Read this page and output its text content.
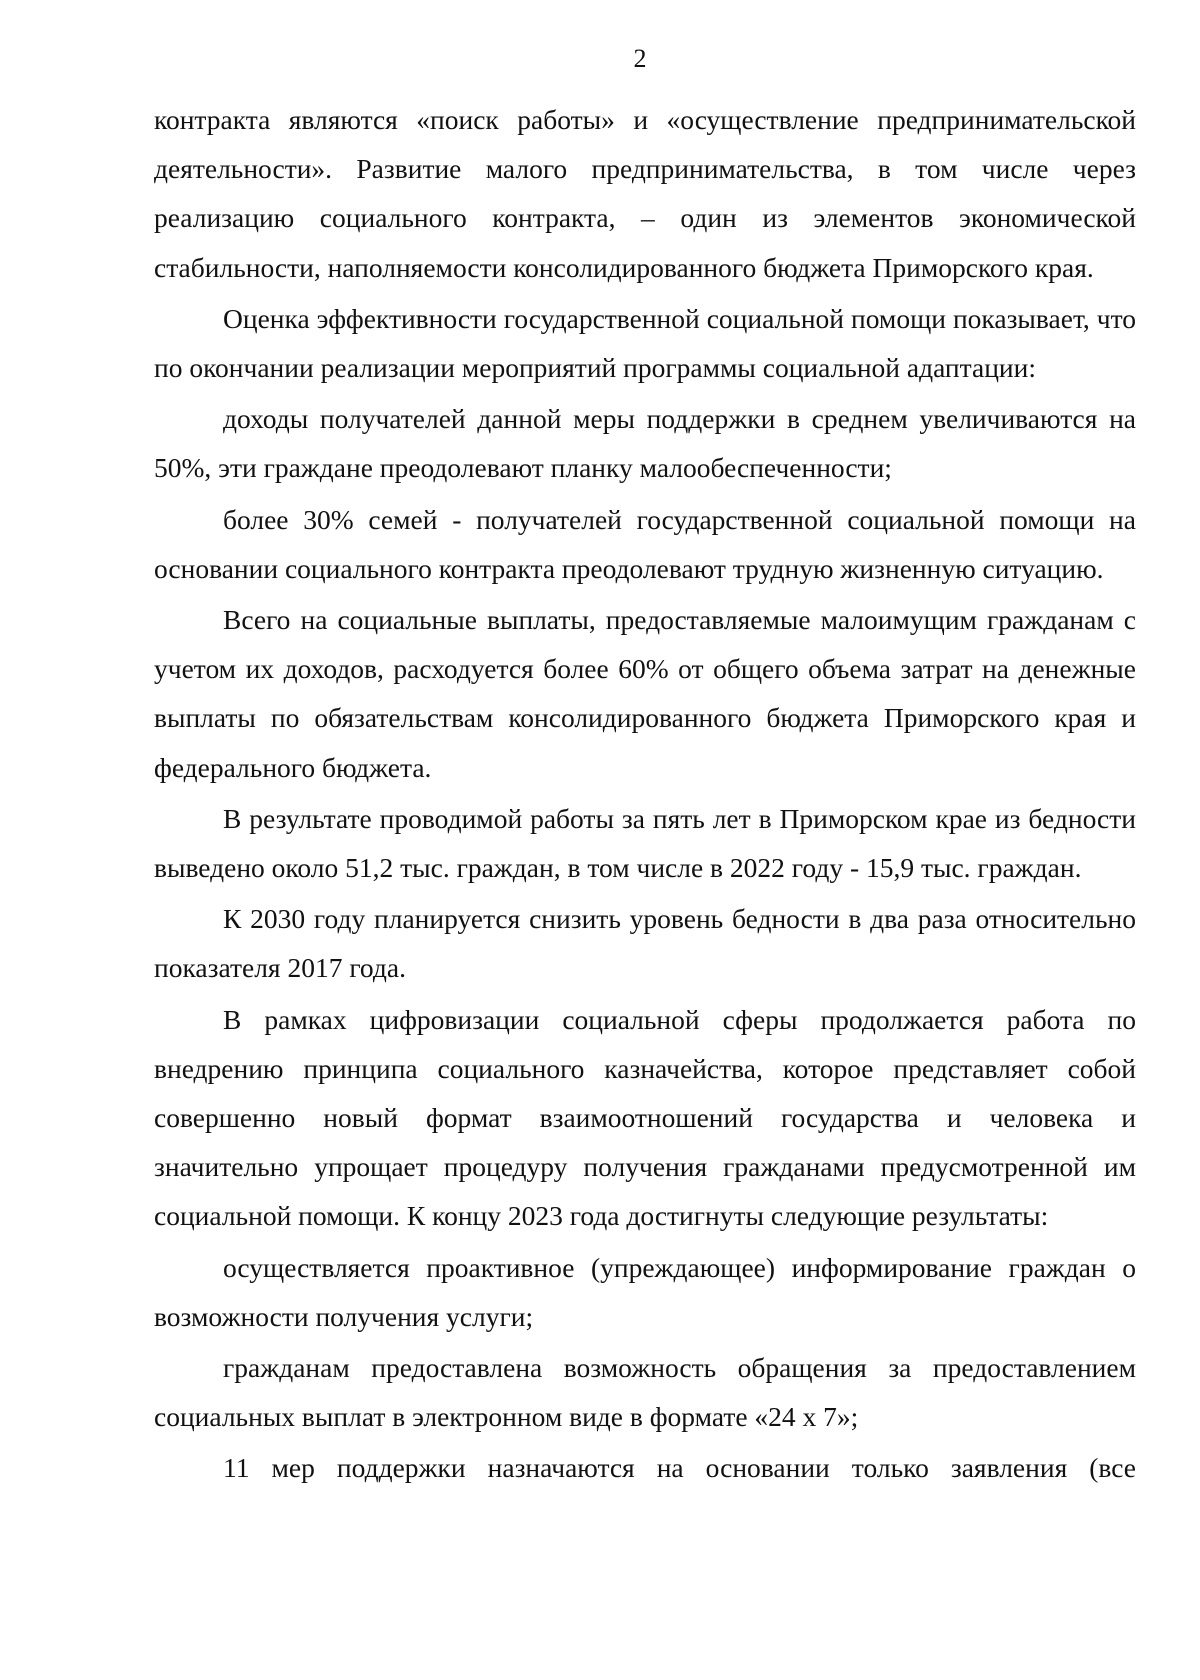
2

контракта являются «поиск работы» и «осуществление предпринимательской деятельности». Развитие малого предпринимательства, в том числе через реализацию социального контракта, – один из элементов экономической стабильности, наполняемости консолидированного бюджета Приморского края.

Оценка эффективности государственной социальной помощи показывает, что по окончании реализации мероприятий программы социальной адаптации:

доходы получателей данной меры поддержки в среднем увеличиваются на 50%, эти граждане преодолевают планку малообеспеченности;

более 30% семей - получателей государственной социальной помощи на основании социального контракта преодолевают трудную жизненную ситуацию.

Всего на социальные выплаты, предоставляемые малоимущим гражданам с учетом их доходов, расходуется более 60% от общего объема затрат на денежные выплаты по обязательствам консолидированного бюджета Приморского края и федерального бюджета.

В результате проводимой работы за пять лет в Приморском крае из бедности выведено около 51,2 тыс. граждан, в том числе в 2022 году - 15,9 тыс. граждан.

К 2030 году планируется снизить уровень бедности в два раза относительно показателя 2017 года.

В рамках цифровизации социальной сферы продолжается работа по внедрению принципа социального казначейства, которое представляет собой совершенно новый формат взаимоотношений государства и человека и значительно упрощает процедуру получения гражданами предусмотренной им социальной помощи. К концу 2023 года достигнуты следующие результаты:

осуществляется проактивное (упреждающее) информирование граждан о возможности получения услуги;

гражданам предоставлена возможность обращения за предоставлением социальных выплат в электронном виде в формате «24 х 7»;

11 мер поддержки назначаются на основании только заявления (все
